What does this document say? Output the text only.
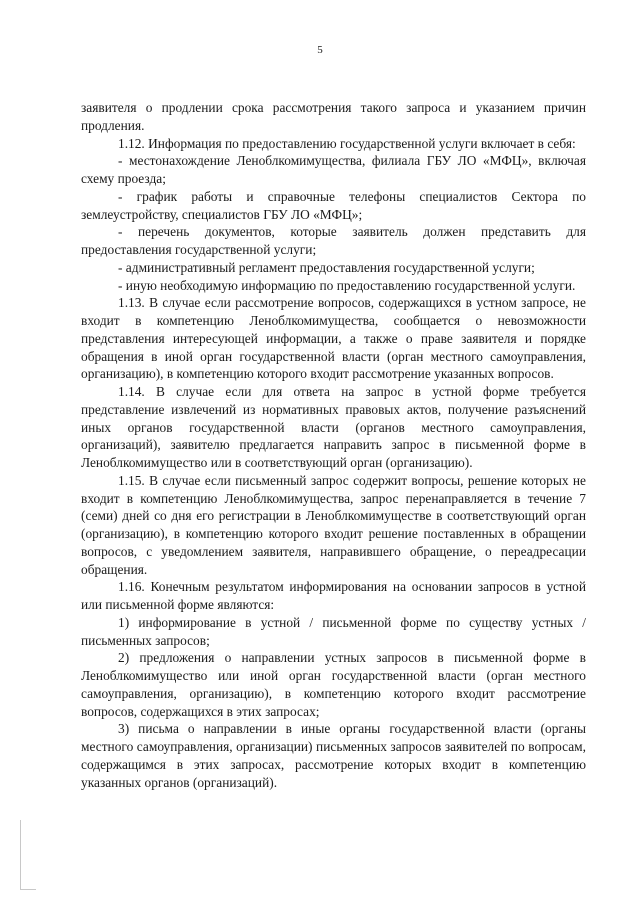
5

заявителя о продлении срока рассмотрения такого запроса и указанием причин продления.

1.12. Информация по предоставлению государственной услуги включает в себя:

- местонахождение Леноблкомимущества, филиала ГБУ ЛО «МФЦ», включая схему проезда;

- график работы и справочные телефоны специалистов Сектора по землеустройству, специалистов ГБУ ЛО «МФЦ»;

- перечень документов, которые заявитель должен представить для предоставления государственной услуги;

- административный регламент предоставления государственной услуги;

- иную необходимую информацию по предоставлению государственной услуги.

1.13. В случае если рассмотрение вопросов, содержащихся в устном запросе, не входит в компетенцию Леноблкомимущества, сообщается о невозможности представления интересующей информации, а также о праве заявителя и порядке обращения в иной орган государственной власти (орган местного самоуправления, организацию), в компетенцию которого входит рассмотрение указанных вопросов.

1.14. В случае если для ответа на запрос в устной форме требуется представление извлечений из нормативных правовых актов, получение разъяснений иных органов государственной власти (органов местного самоуправления, организаций), заявителю предлагается направить запрос в письменной форме в Леноблкомимущество или в соответствующий орган (организацию).

1.15. В случае если письменный запрос содержит вопросы, решение которых не входит в компетенцию Леноблкомимущества, запрос перенаправляется в течение 7 (семи) дней со дня его регистрации в Леноблкомимуществе в соответствующий орган (организацию), в компетенцию которого входит решение поставленных в обращении вопросов, с уведомлением заявителя, направившего обращение, о переадресации обращения.

1.16. Конечным результатом информирования на основании запросов в устной или письменной форме являются:

1) информирование в устной / письменной форме по существу устных / письменных запросов;

2) предложения о направлении устных запросов в письменной форме в Леноблкомимущество или иной орган государственной власти (орган местного самоуправления, организацию), в компетенцию которого входит рассмотрение вопросов, содержащихся в этих запросах;

3) письма о направлении в иные органы государственной власти (органы местного самоуправления, организации) письменных запросов заявителей по вопросам, содержащимся в этих запросах, рассмотрение которых входит в компетенцию указанных органов (организаций).
